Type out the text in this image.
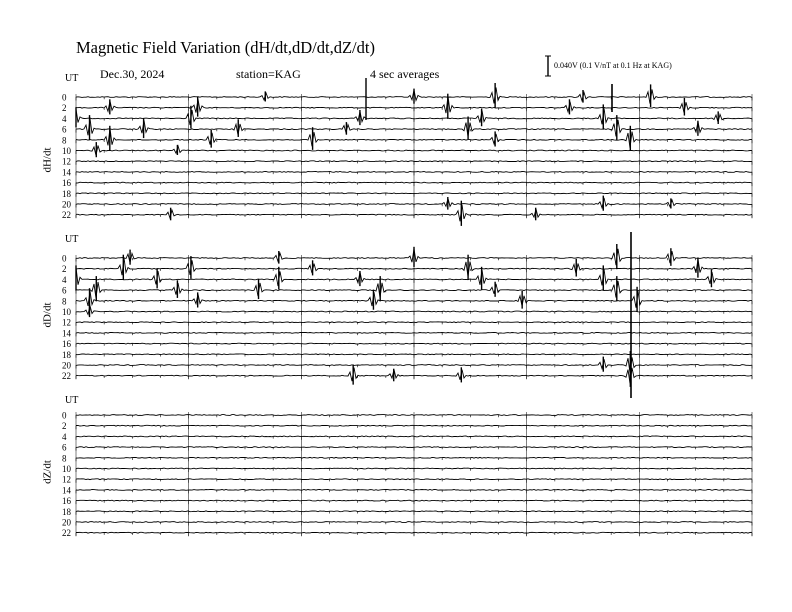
0
2
4
6
8
10
12
14
16
18
20
22
0
2
4
6
8
10
12
14
16
18
20
22
0
2
4
6
8
10
12
14
16
18
20
22
Magnetic Field Variation (dH/dt,dD/dt,dZ/dt)
Dec.30, 2024	station=KAG	4 sec averages
0.040V (0.1 V/nT at 0.1 Hz at KAG)
UT
UT
UT
dH/dt
dD/dt
dZ/dt
